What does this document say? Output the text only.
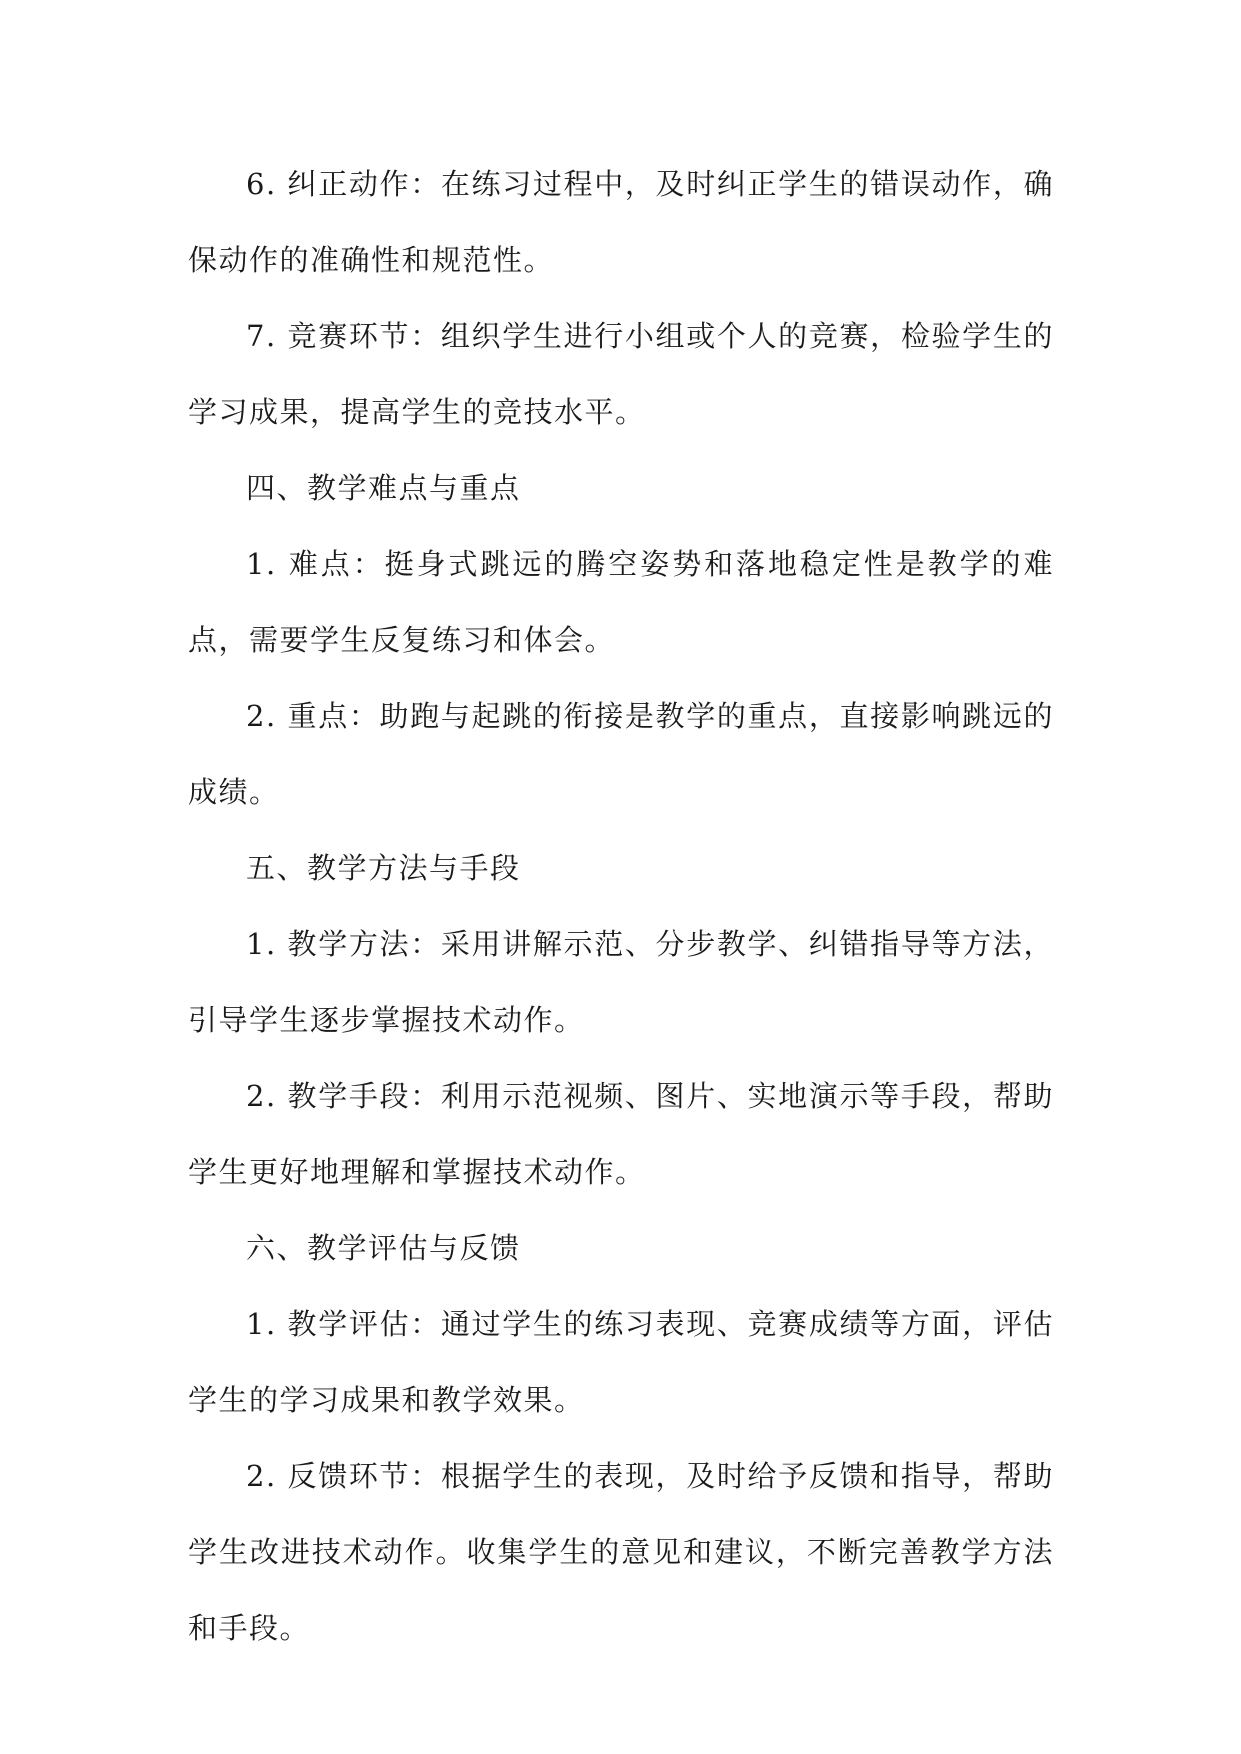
6. 纠正动作：在练习过程中，及时纠正学生的错误动作，确保动作的准确性和规范性。

7. 竞赛环节：组织学生进行小组或个人的竞赛，检验学生的学习成果，提高学生的竞技水平。

四、教学难点与重点

1. 难点：挺身式跳远的腾空姿势和落地稳定性是教学的难点，需要学生反复练习和体会。

2. 重点：助跑与起跳的衔接是教学的重点，直接影响跳远的成绩。

五、教学方法与手段

1. 教学方法：采用讲解示范、分步教学、纠错指导等方法，引导学生逐步掌握技术动作。

2. 教学手段：利用示范视频、图片、实地演示等手段，帮助学生更好地理解和掌握技术动作。

六、教学评估与反馈

1. 教学评估：通过学生的练习表现、竞赛成绩等方面，评估学生的学习成果和教学效果。

2. 反馈环节：根据学生的表现，及时给予反馈和指导，帮助学生改进技术动作。收集学生的意见和建议，不断完善教学方法和手段。
